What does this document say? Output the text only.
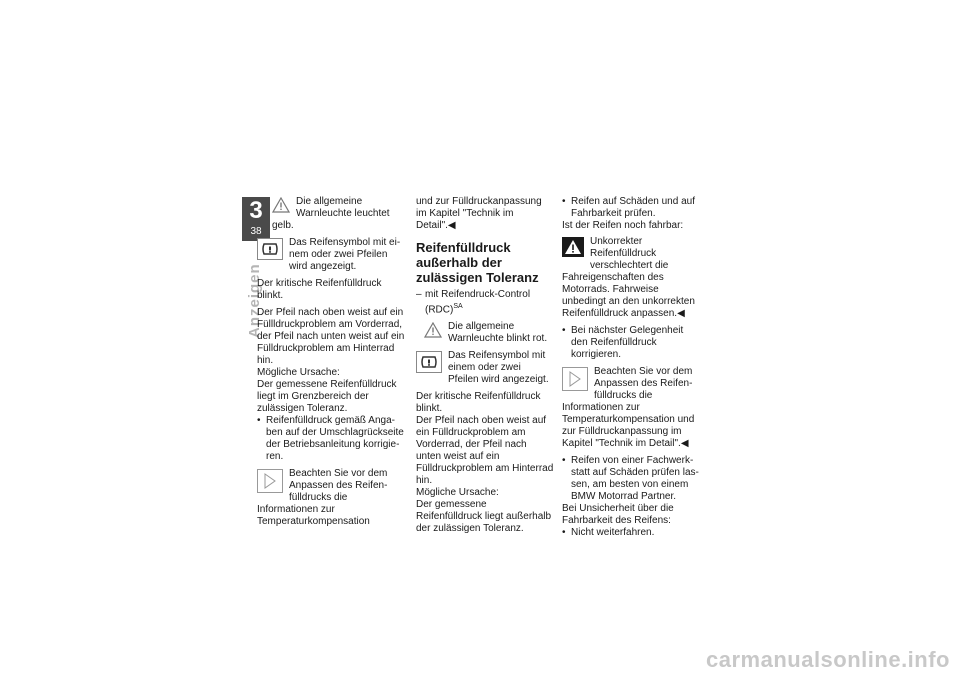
3
38
Anzeigen
Die allgemeine Warnleuchte leuchtet gelb.
Das Reifensymbol mit einem oder zwei Pfeilen wird angezeigt.

Der kritische Reifenfülldruck blinkt.

Der Pfeil nach oben weist auf ein Füllldruckproblem am Vorderrad, der Pfeil nach unten weist auf ein Fülldruckproblem am Hinterrad hin.

Mögliche Ursache:

Der gemessene Reifenfülldruck liegt im Grenzbereich der zulässigen Toleranz.

• Reifenfülldruck gemäß Angaben auf der Umschlagrückseite der Betriebsanleitung korrigieren.
Beachten Sie vor dem Anpassen des Reifenfülldrucks die Informationen zur Temperaturkompensation

und zur Fülldruckanpassung im Kapitel "Technik im Detail".◀

Reifenfülldruck außerhalb der zulässigen Toleranz
– mit Reifendruck-Control (RDC)$^{SA}$
Die allgemeine Warnleuchte blinkt rot.
Das Reifensymbol mit einem oder zwei Pfeilen wird angezeigt.

Der kritische Reifenfülldruck blinkt.

Der Pfeil nach oben weist auf ein Fülldruckproblem am Vorderrad, der Pfeil nach unten weist auf ein Fülldruckproblem am Hinterrad hin.

Mögliche Ursache:

Der gemessene Reifenfülldruck liegt außerhalb der zulässigen Toleranz.

• Reifen auf Schäden und auf Fahrbarkeit prüfen.

Ist der Reifen noch fahrbar:

Unkorrekter Reifenfülldruck verschlechtert die Fahreigenschaften des Motorrads. Fahrweise unbedingt an den unkorrekten Reifenfülldruck anpassen.◀
• Bei nächster Gelegenheit den Reifenfülldruck korrigieren.
Beachten Sie vor dem Anpassen des Reifenfülldrucks die Informationen zur Temperaturkompensation und zur Fülldruckanpassung im Kapitel "Technik im Detail".◀
• Reifen von einer Fachwerkstatt auf Schäden prüfen lassen, am besten von einem BMW Motorrad Partner.

Bei Unsicherheit über die Fahrbarkeit des Reifens:

• Nicht weiterfahren.
carmanualsonline.info
